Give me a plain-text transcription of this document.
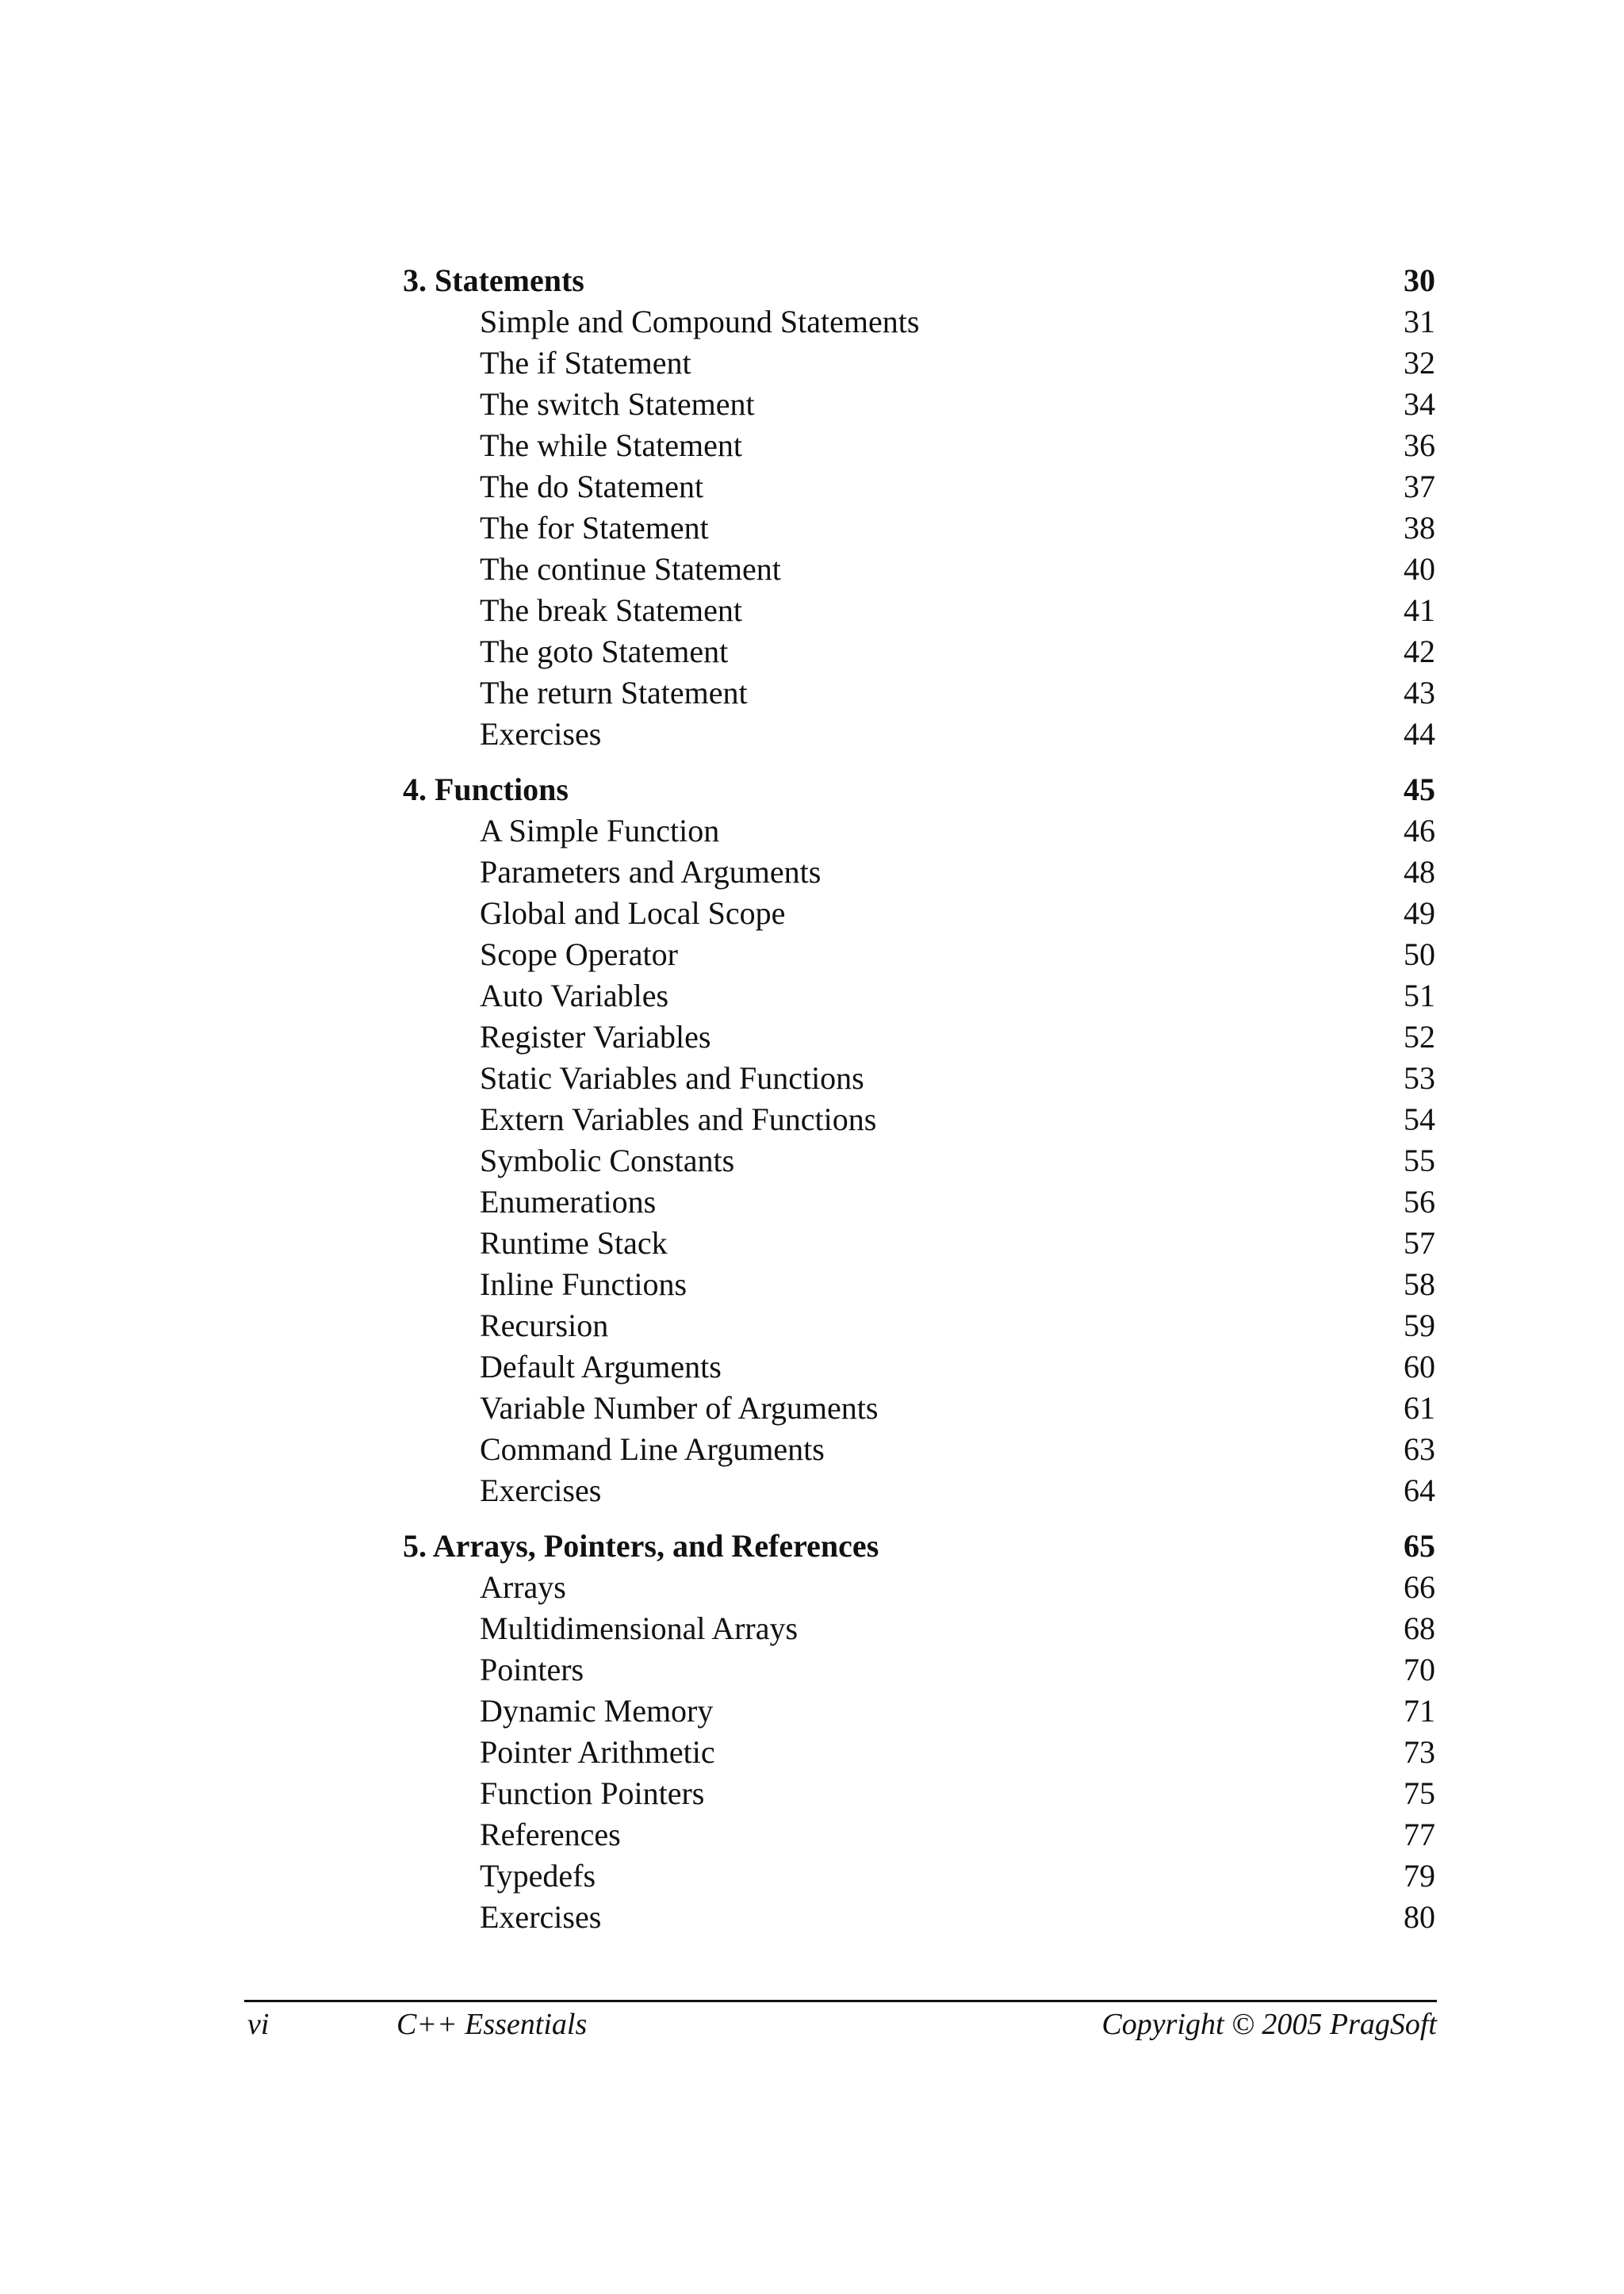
3. Statements	30
Simple and Compound Statements	31
The if Statement	32
The switch Statement	34
The while Statement	36
The do Statement	37
The for Statement	38
The continue Statement	40
The break Statement	41
The goto Statement	42
The return Statement	43
Exercises	44
4. Functions	45
A Simple Function	46
Parameters and Arguments	48
Global and Local Scope	49
Scope Operator	50
Auto Variables	51
Register Variables	52
Static Variables and Functions	53
Extern Variables and Functions	54
Symbolic Constants	55
Enumerations	56
Runtime Stack	57
Inline Functions	58
Recursion	59
Default Arguments	60
Variable Number of Arguments	61
Command Line Arguments	63
Exercises	64
5. Arrays, Pointers, and References	65
Arrays	66
Multidimensional Arrays	68
Pointers	70
Dynamic Memory	71
Pointer Arithmetic	73
Function Pointers	75
References	77
Typedefs	79
Exercises	80
vi	C++ Essentials	Copyright © 2005 PragSoft
